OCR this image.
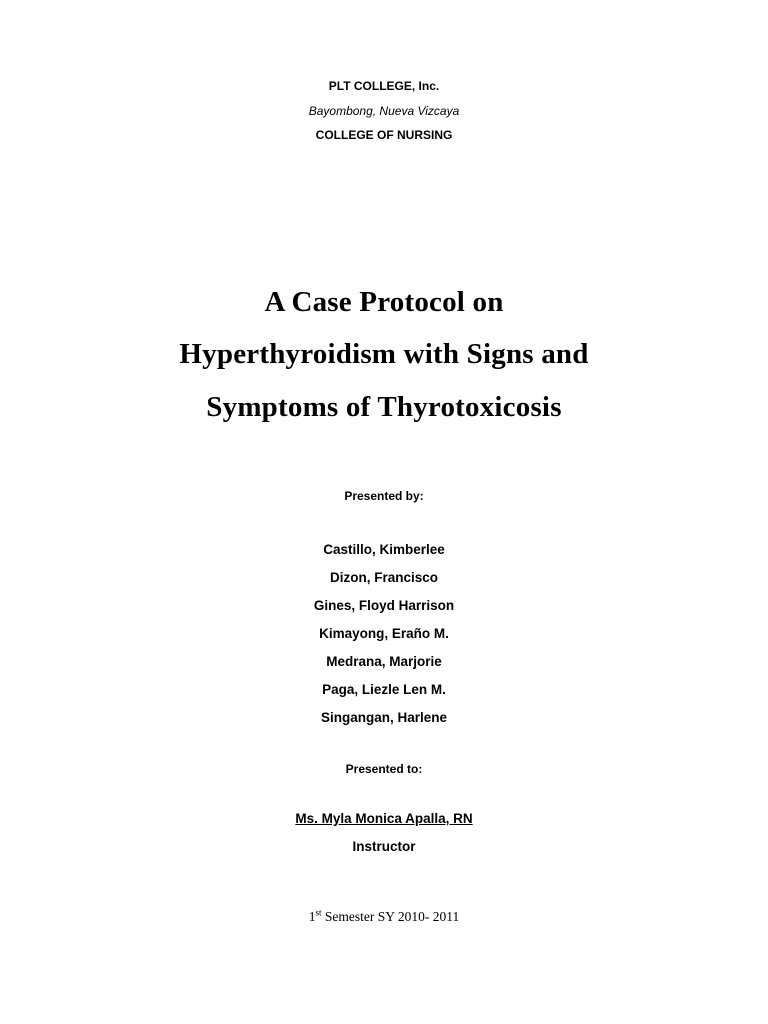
PLT COLLEGE, Inc.
Bayombong, Nueva Vizcaya
COLLEGE OF NURSING
A Case Protocol on
Hyperthyroidism with Signs and
Symptoms of Thyrotoxicosis
Presented by:
Castillo, Kimberlee
Dizon, Francisco
Gines, Floyd Harrison
Kimayong, Eraño M.
Medrana, Marjorie
Paga, Liezle Len M.
Singangan, Harlene
Presented to:
Ms. Myla Monica Apalla, RN
Instructor
1st Semester SY 2010- 2011
